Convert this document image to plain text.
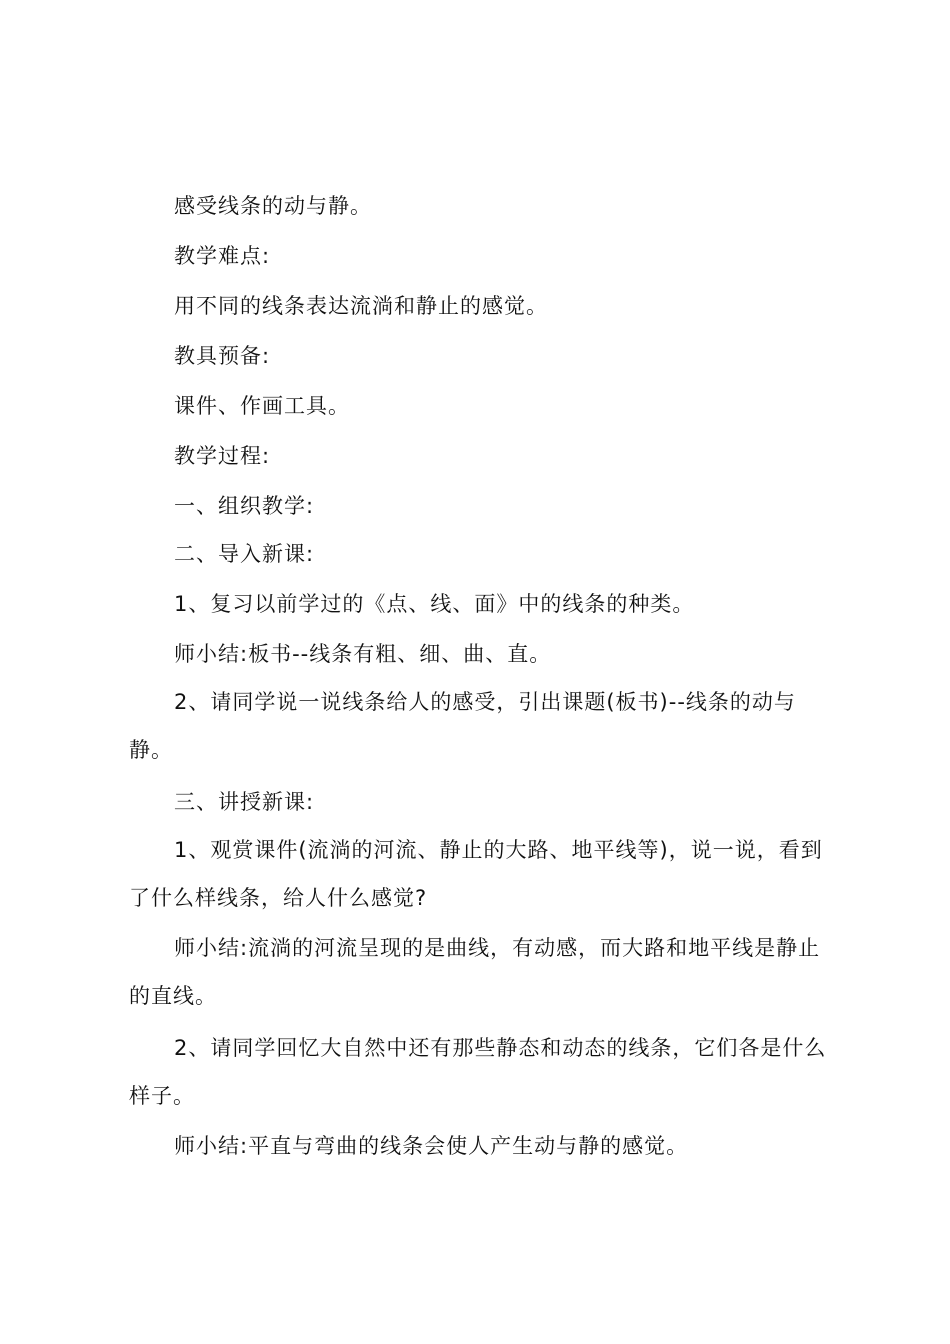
感受线条的动与静。

教学难点:

用不同的线条表达流淌和静止的感觉。

教具预备:

课件、作画工具。

教学过程:

一、组织教学:

二、导入新课:

1、复习以前学过的《点、线、面》中的线条的种类。

师小结:板书--线条有粗、细、曲、直。

2、请同学说一说线条给人的感受，引出课题(板书)--线条的动与静。

三、讲授新课:

1、观赏课件(流淌的河流、静止的大路、地平线等)，说一说，看到了什么样线条，给人什么感觉?

师小结:流淌的河流呈现的是曲线，有动感，而大路和地平线是静止的直线。

2、请同学回忆大自然中还有那些静态和动态的线条，它们各是什么样子。

师小结:平直与弯曲的线条会使人产生动与静的感觉。
